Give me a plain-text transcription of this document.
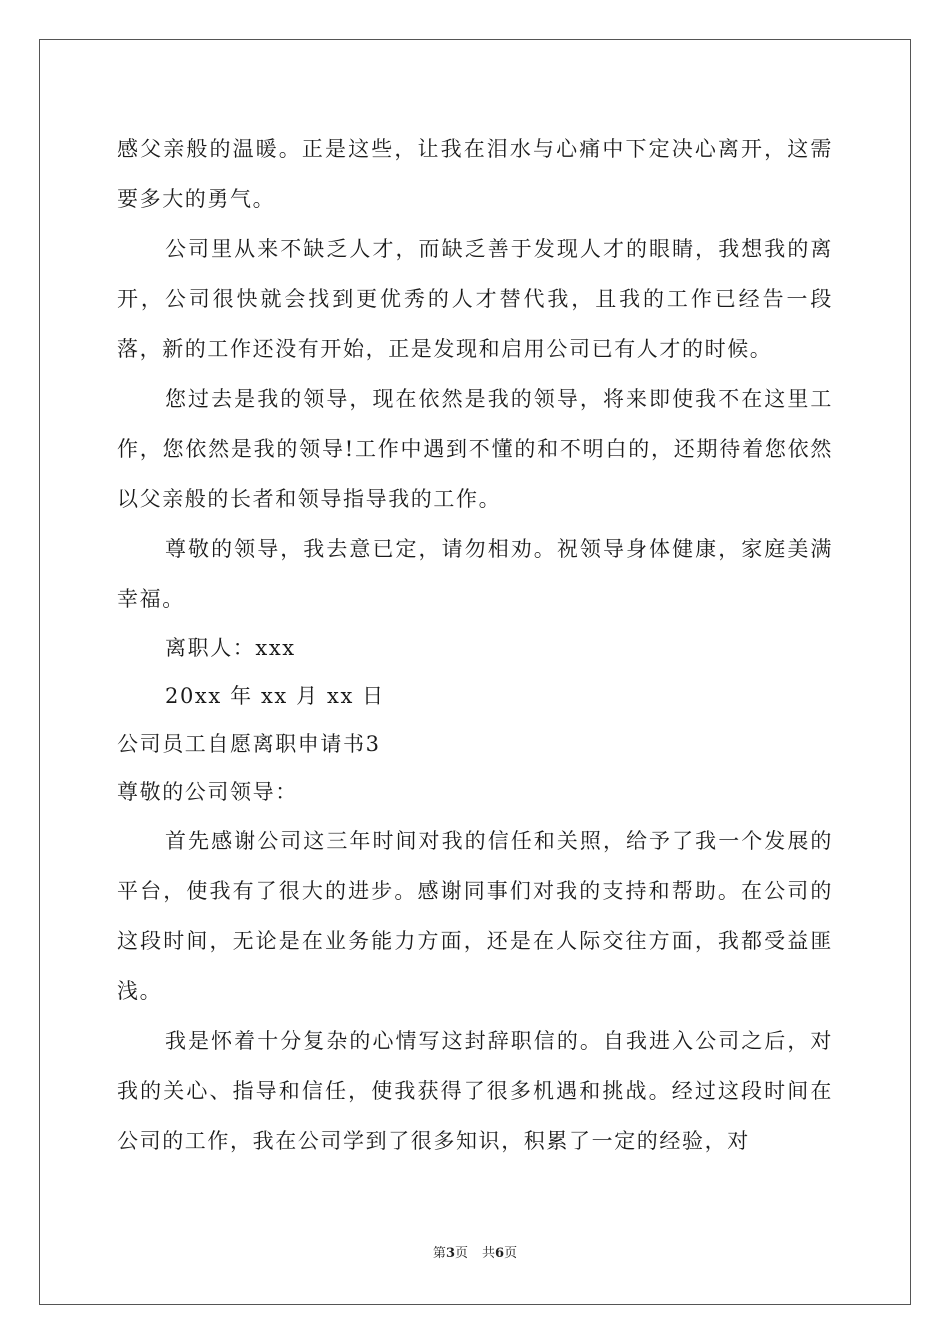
感父亲般的温暖。正是这些，让我在泪水与心痛中下定决心离开，这需要多大的勇气。

公司里从来不缺乏人才，而缺乏善于发现人才的眼睛，我想我的离开，公司很快就会找到更优秀的人才替代我，且我的工作已经告一段落，新的工作还没有开始，正是发现和启用公司已有人才的时候。

您过去是我的领导，现在依然是我的领导，将来即使我不在这里工作，您依然是我的领导!工作中遇到不懂的和不明白的，还期待着您依然以父亲般的长者和领导指导我的工作。

尊敬的领导，我去意已定，请勿相劝。祝领导身体健康，家庭美满幸福。

离职人：xxx

20xx 年 xx 月 xx 日

公司员工自愿离职申请书3

尊敬的公司领导：

首先感谢公司这三年时间对我的信任和关照，给予了我一个发展的平台，使我有了很大的进步。感谢同事们对我的支持和帮助。在公司的这段时间，无论是在业务能力方面，还是在人际交往方面，我都受益匪浅。

我是怀着十分复杂的心情写这封辞职信的。自我进入公司之后，对我的关心、指导和信任，使我获得了很多机遇和挑战。经过这段时间在公司的工作，我在公司学到了很多知识，积累了一定的经验，对

第3页 共6页
